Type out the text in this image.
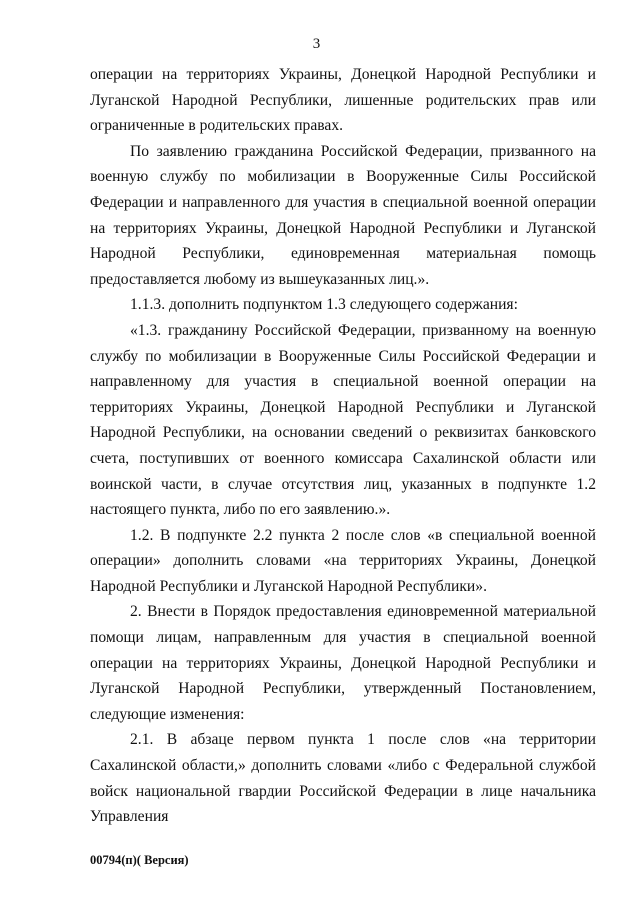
3

операции на территориях Украины, Донецкой Народной Республики и Луганской Народной Республики, лишенные родительских прав или ограниченные в родительских правах.

По заявлению гражданина Российской Федерации, призванного на военную службу по мобилизации в Вооруженные Силы Российской Федерации и направленного для участия в специальной военной операции на территориях Украины, Донецкой Народной Республики и Луганской Народной Республики, единовременная материальная помощь предоставляется любому из вышеуказанных лиц.».

1.1.3. дополнить подпунктом 1.3 следующего содержания:

«1.3. гражданину Российской Федерации, призванному на военную службу по мобилизации в Вооруженные Силы Российской Федерации и направленному для участия в специальной военной операции на территориях Украины, Донецкой Народной Республики и Луганской Народной Республики, на основании сведений о реквизитах банковского счета, поступивших от военного комиссара Сахалинской области или воинской части, в случае отсутствия лиц, указанных в подпункте 1.2 настоящего пункта, либо по его заявлению.».

1.2. В подпункте 2.2 пункта 2 после слов «в специальной военной операции» дополнить словами «на территориях Украины, Донецкой Народной Республики и Луганской Народной Республики».

2. Внести в Порядок предоставления единовременной материальной помощи лицам, направленным для участия в специальной военной операции на территориях Украины, Донецкой Народной Республики и Луганской Народной Республики, утвержденный Постановлением, следующие изменения:

2.1. В абзаце первом пункта 1 после слов «на территории Сахалинской области,» дополнить словами «либо с Федеральной службой войск национальной гвардии Российской Федерации в лице начальника Управления

00794(п)( Версия)
